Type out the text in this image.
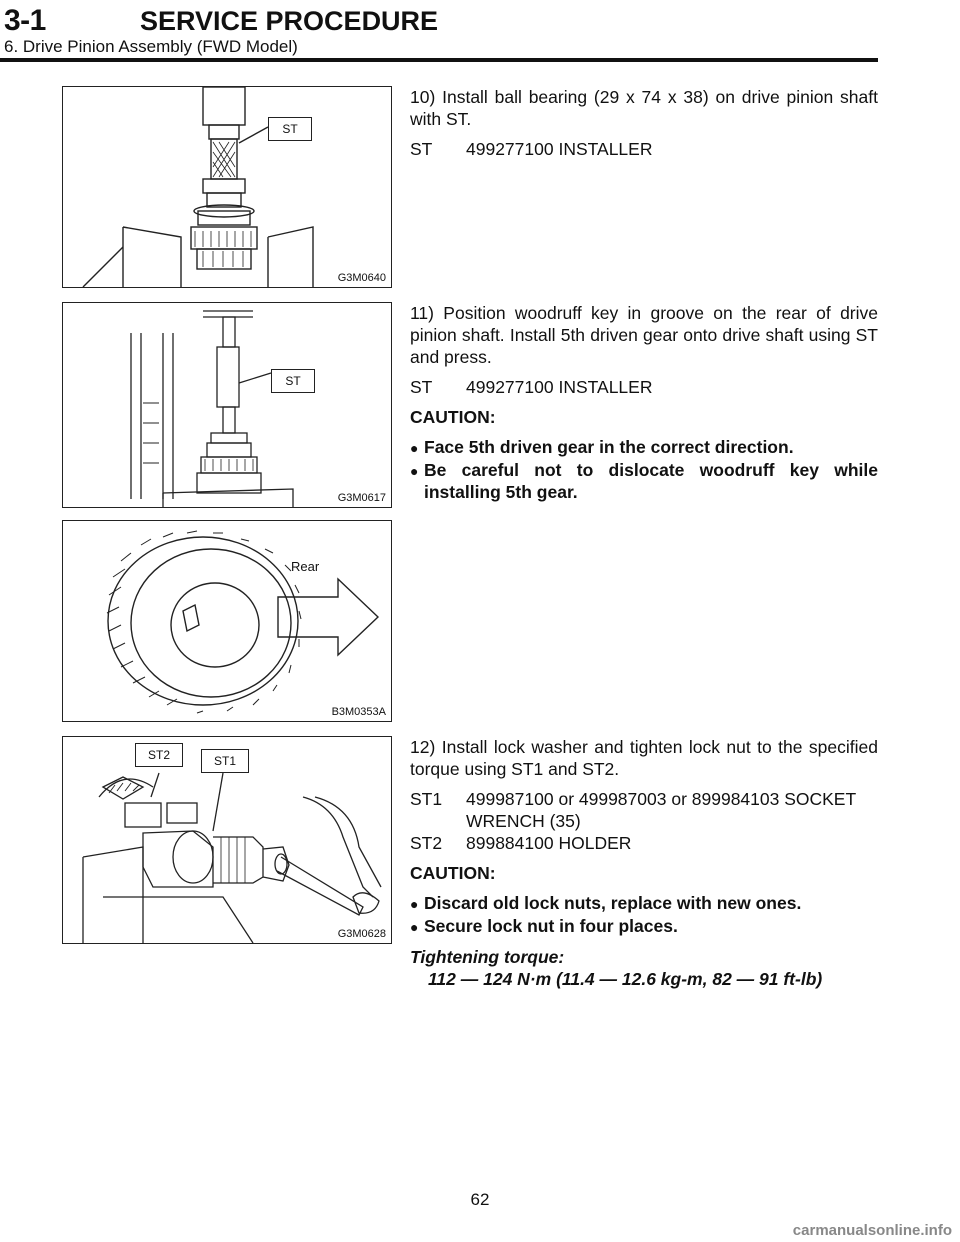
3-1	SERVICE PROCEDURE
6. Drive Pinion Assembly (FWD Model)
ST
G3M0640
ST
G3M0617
Rear
B3M0353A
ST2	ST1
G3M0628

10) Install ball bearing (29 x 74 x 38) on drive pinion shaft with ST.

ST	499277100 INSTALLER

11) Position woodruff key in groove on the rear of drive pinion shaft. Install 5th driven gear onto drive shaft using ST and press.

ST	499277100 INSTALLER

CAUTION:

● Face 5th driven gear in the correct direction.
● Be careful not to dislocate woodruff key while installing 5th gear.

12) Install lock washer and tighten lock nut to the specified torque using ST1 and ST2.

ST1	499987100 or 499987003 or 899984103 SOCKET
WRENCH (35)

ST2	899884100 HOLDER

CAUTION:

● Discard old lock nuts, replace with new ones.
● Secure lock nut in four places.
Tightening torque:
112 — 124 N·m (11.4 — 12.6 kg-m, 82 — 91 ft-lb)
62
carmanualsonline.info
